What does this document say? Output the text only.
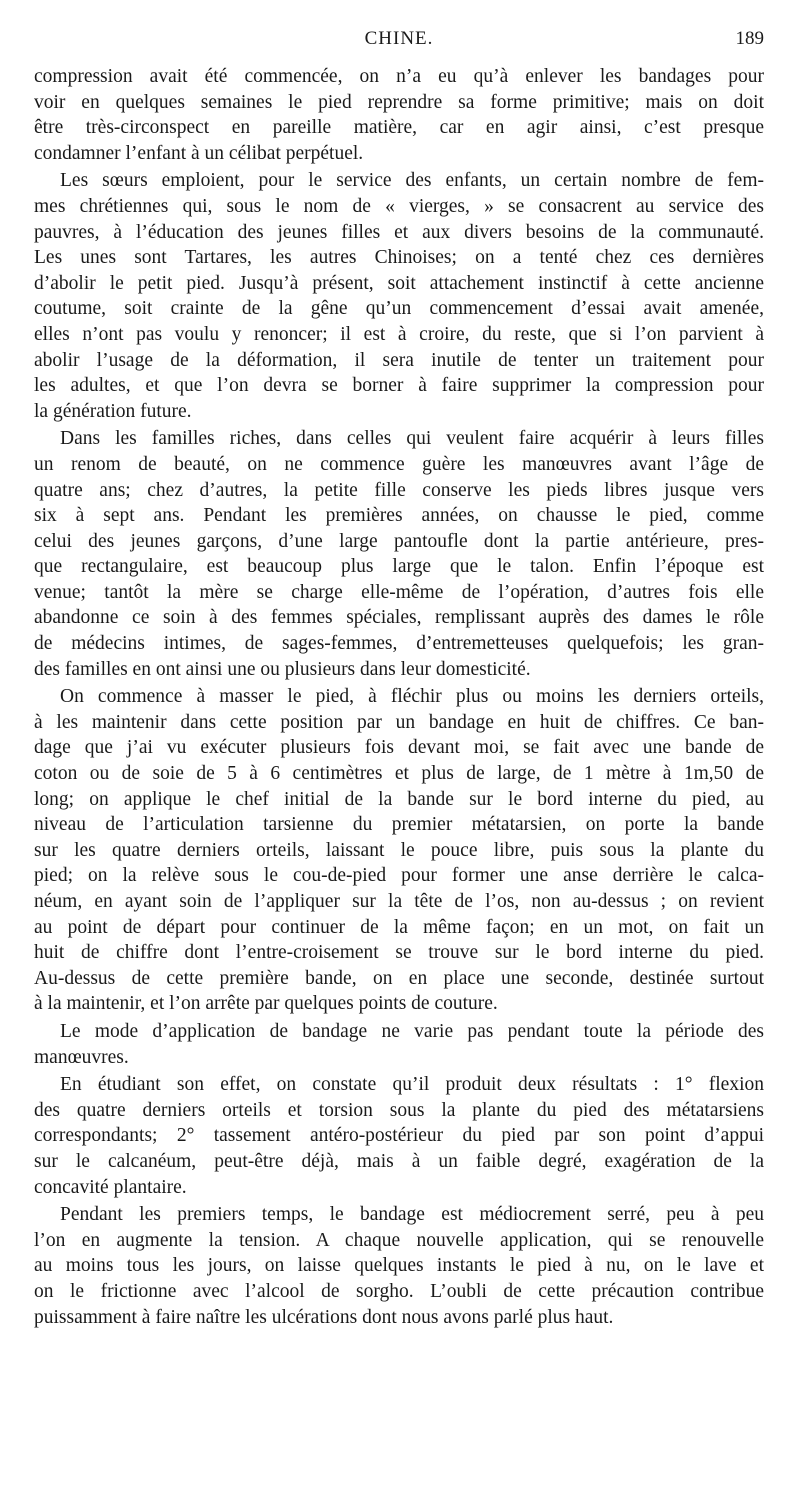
CHINE.	189

compression avait été commencée, on n’a eu qu’à enlever les bandages pour
voir en quelques semaines le pied reprendre sa forme primitive; mais on doit
être très-circonspect en pareille matière, car en agir ainsi, c’est presque
condamner l’enfant à un célibat perpétuel.

Les sœurs emploient, pour le service des enfants, un certain nombre de fem-
mes chrétiennes qui, sous le nom de « vierges, » se consacrent au service des
pauvres, à l’éducation des jeunes filles et aux divers besoins de la communauté.
Les unes sont Tartares, les autres Chinoises; on a tenté chez ces dernières
d’abolir le petit pied. Jusqu’à présent, soit attachement instinctif à cette ancienne
coutume, soit crainte de la gêne qu’un commencement d’essai avait amenée,
elles n’ont pas voulu y renoncer; il est à croire, du reste, que si l’on parvient à
abolir l’usage de la déformation, il sera inutile de tenter un traitement pour
les adultes, et que l’on devra se borner à faire supprimer la compression pour
la génération future.

Dans les familles riches, dans celles qui veulent faire acquérir à leurs filles
un renom de beauté, on ne commence guère les manœuvres avant l’âge de
quatre ans; chez d’autres, la petite fille conserve les pieds libres jusque vers
six à sept ans. Pendant les premières années, on chausse le pied, comme
celui des jeunes garçons, d’une large pantoufle dont la partie antérieure, pres-
que rectangulaire, est beaucoup plus large que le talon. Enfin l’époque est
venue; tantôt la mère se charge elle-même de l’opération, d’autres fois elle
abandonne ce soin à des femmes spéciales, remplissant auprès des dames le rôle
de médecins intimes, de sages-femmes, d’entremetteuses quelquefois; les gran-
des familles en ont ainsi une ou plusieurs dans leur domesticité.

On commence à masser le pied, à fléchir plus ou moins les derniers orteils,
à les maintenir dans cette position par un bandage en huit de chiffres. Ce ban-
dage que j’ai vu exécuter plusieurs fois devant moi, se fait avec une bande de
coton ou de soie de 5 à 6 centimètres et plus de large, de 1 mètre à 1m,50 de
long; on applique le chef initial de la bande sur le bord interne du pied, au
niveau de l’articulation tarsienne du premier métatarsien, on porte la bande
sur les quatre derniers orteils, laissant le pouce libre, puis sous la plante du
pied; on la relève sous le cou-de-pied pour former une anse derrière le calca-
néum, en ayant soin de l’appliquer sur la tête de l’os, non au-dessus ; on revient
au point de départ pour continuer de la même façon; en un mot, on fait un
huit de chiffre dont l’entre-croisement se trouve sur le bord interne du pied.
Au-dessus de cette première bande, on en place une seconde, destinée surtout
à la maintenir, et l’on arrête par quelques points de couture.

Le mode d’application de bandage ne varie pas pendant toute la période des
manœuvres.

En étudiant son effet, on constate qu’il produit deux résultats : 1° flexion
des quatre derniers orteils et torsion sous la plante du pied des métatarsiens
correspondants; 2° tassement antéro-postérieur du pied par son point d’appui
sur le calcanéum, peut-être déjà, mais à un faible degré, exagération de la
concavité plantaire.

Pendant les premiers temps, le bandage est médiocrement serré, peu à peu
l’on en augmente la tension. A chaque nouvelle application, qui se renouvelle
au moins tous les jours, on laisse quelques instants le pied à nu, on le lave et
on le frictionne avec l’alcool de sorgho. L’oubli de cette précaution contribue
puissamment à faire naître les ulcérations dont nous avons parlé plus haut.
